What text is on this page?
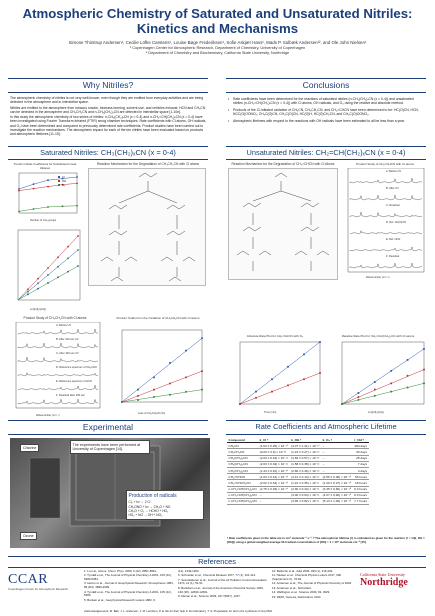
Atmospheric Chemistry of Saturated and Unsaturated Nitriles:
Kinetics and Mechanisms
Simone Thirstrup Andersen¹, Cecilie Löfke Carstens¹, Louise Bøge Frederiksen¹, Sofie Askjær Hass¹, Mads P. Sulbæk Andersen¹², and Ole John Nielsen¹
¹ Copenhagen Center for Atmospheric Research, Department of Chemistry, University of Copenhagen
² Department of Chemistry and Biochemistry, California State University, Northridge
Why Nitriles?

The atmospheric chemistry of nitriles is not very well-known, even though they are emitted from everyday activities and are being detected in the atmosphere and in interstellar space.

Nitriles are emitted to the atmosphere from tobacco smoke, biomass burning, solvent use, and vehicles exhaust. HCN and CH₃CN can be detected in the atmosphere and CH₃CH₂CN and n-CH₃(CH₂)₂CN are detected in interstellar space [1-10e].

In this study the atmospheric chemistry of two series of nitriles: n-CH₃(CH₂)ₓCN (x = 0-4) and n-CH₂=CH(CH₂)ₓCN (x = 0-4) have been investigated using Fourier Transform Infrared (FTIR) smog chamber techniques. Rate coefficients with Cl atoms, OH radicals, and O₃ have been determined and compared to previously determined rate coefficients. Product studies have been carried out to investigate the reaction mechanisms. The atmospheric impact for each of the ten nitriles have been evaluated based on products and atmospheric lifetimes [11-15].

Conclusions
• Rate coefficients have been determined for the reactions of saturated nitriles (n-CH₃(CH₂)ₓCN (x = 0-4)) and unsaturated nitriles (n-CH₂=CH(CH₂)ₓCN (x = 0-4)) with Cl atoms, OH radicals, and O₃ using the relative and absolute method.
• Products of the Cl-initiated oxidation of CH₃CN, CH₃CH₂CN, and CH₂=CHCN have been determined to be: HC(O)CN, HCN, NCC(O)OONO₂, CH₃C(O)CN, CH₃C(O)CN, HC(O)H, HC(O)CH₂CN, and CH₃C(O)OONO₂.
• Atmospheric lifetimes with respect to the reactions with OH radicals have been estimated to all be less than a year.
Saturated Nitriles: CH₃(CH₂)ₓCN (x = 0-4)
Trends in Rate Coefficients for Substituted Linear Alkanes
Cl
OH
O₃
Number of CH₂ groups
Ln([ref]₀/[ref]ₜ)
Reaction Mechanism for the Degradation of CH₃CH₂CN with Cl atoms
Product Study of CH₃CH₂CN with Cl atoms
A: Before UV
B: After 100 sec UV
C: After 100 sec UV
D: Reference spectrum of CH₃CHO
E: Reference spectrum of HCN
F: Residual after 250 sec
Wavenumber (cm⁻¹)
Product Yields from the Oxidation of CH₃CH₂CN with Cl atoms
Loss of CH₃CH₂CN (%)
Unsaturated Nitriles: CH₂=CH(CH₂)ₓCN (x = 0-4)
Reaction Mechanism for the Degradation of CH₂=CHCN with Cl Atoms	Product Study of CH₂=CHCN with Cl atoms
A: Before UV
B: After UV
C: Residual
D: Ref. HC(O)CN
E: Ref. HCN
F: Residual
Wavenumber (cm⁻¹)
Absolute Rate Plot for CH₂=CHCN with O₃
Time (min)
Relative Rate Plot for CH₂=CH(CH₂)₂CN with Cl atoms
Ln([ref]₀/[ref]ₜ)
Experimental
Chlorine
Ozone
The experiments have been performed at University of Copenhagen [14].
Production of radicals
Cl₂ + hν → 2 Cl
CH₃ONO + hν → CH₃O + NO
CH₃O + O₂ → HCHO + HO₂
HO₂ + NO → OH + NO₂
Rate Coefficients and Atmospheric Lifetime
Compound	k_Cl ᵃ	k_OH ᵃ	k_O₃ ᵃ	τ_OH ᵇ
CH₃CN	(1.04 ± 0.25) × 10⁻¹⁴	(4.07 ± 1.21) × 10⁻¹⁴	–	284 days
CH₃CH₂CN	(9.20 ± 3.9) × 10⁻¹³	(1.24 ± 0.27) × 10⁻¹³	–	93 days
CH₃(CH₂)₂CN	(2.03 ± 0.19) × 10⁻¹¹	(4.66 ± 0.57) × 10⁻¹³	–	25 days
CH₃(CH₂)₃CN	(2.03 ± 0.32) × 10⁻¹¹	(1.58 ± 0.38) × 10⁻¹²	–	7 days
CH₃(CH₂)₄CN	(1.34 ± 0.10) × 10⁻¹⁰	(2.86 ± 0.46) × 10⁻¹²	–	4 days
CH₂=CHCN	(1.03 ± 0.12) × 10⁻¹⁰	(4.12 ± 0.10) × 10⁻¹²	(2.55 ± 0.38) × 10⁻¹⁹	66 hours
CH₂=CHCH₂CN	(2.02 ± 0.54) × 10⁻¹⁰	(1.91 ± 0.35) × 10⁻¹¹	(1.20 ± 0.27) × 10⁻¹⁸	18 hours
n-CH₂=CH(CH₂)₂CN	(2.75 ± 0.45) × 10⁻¹⁰	(2.90 ± 0.44) × 10⁻¹¹	(3.35 ± 0.60) × 10⁻¹⁸	9.3 hours
n-CH₂=CH(CH₂)₃CN	–	(3.00 ± 0.64) × 10⁻¹¹	(4.07 ± 0.92) × 10⁻¹⁸	9.3 hours
n-CH₂=CH(CH₂)₄CN	–	(3.96 ± 0.82) × 10⁻¹¹	(5.13 ± 1.49) × 10⁻¹⁸	7.7 hours
ᵃ Rate coefficients given in the table are in cm³ molecule⁻¹ s⁻¹. ᵇ The atmospheric lifetime (τ) is estimated as given for the reaction (τ = 1/(k_OH × [OH])) using a global weighted average OH radical concentration of [OH] = 1 × 10⁶ molecule cm⁻³ [15].
References
CCAR
Copenhagen Center for Atmospheric Research
1: Li et al., Atmos. Chem. Phys. 2009, 9 (22), 8951-8961.
2: Tyndall et al., The Journal of Physical Chemistry A 2001, 105 (22), 5380-5384.
3: Hamm et al., Journal of Geophysical Research: Atmospheres 1984, 89 (D3), 4899-4909.
4: Tyndall et al., The Journal of Physical Chemistry A 2001, 105 (22), 5380.
5: Bunkan et al., Geophysical Research Letters 1982, 9.
(12), 1349-1352.
6: Schneider et al., Chemical Reviews 1977, 77 (1), 101-114.
7: Seinnfelderen et al., Journal of the Air Pollution Control Association 1974, 21 (1), 51-51.
8: Bunkham et al., Journal of the American Chemical Society 1945, 130 (38), 12600-12601.
9: Altman et al., Science 2009, 327 (5967), 1237.
10: Belloche et al., A&A 2009, 499 (1), 215-232.
11: Nielsen et al., Chemical Physics Letters 2017, 690 (Supplement C), 76-82.
12: Andersen et al., The Journal of Physical Chemistry A 2018.
13: Andersen et al., Submitted.
14: Wallington et al., Science 2009, 93, 3629.
15: WMO, Geneva, Switzerland, 2014.
California State University
Northridge
Acknowledgements: M. Bøk, J. L. Andersen, J. M. Lendrum, P. E. Ek for their help in the laboratory. T. S. Preparation for aid in the synthesis of CH₂ONO.
